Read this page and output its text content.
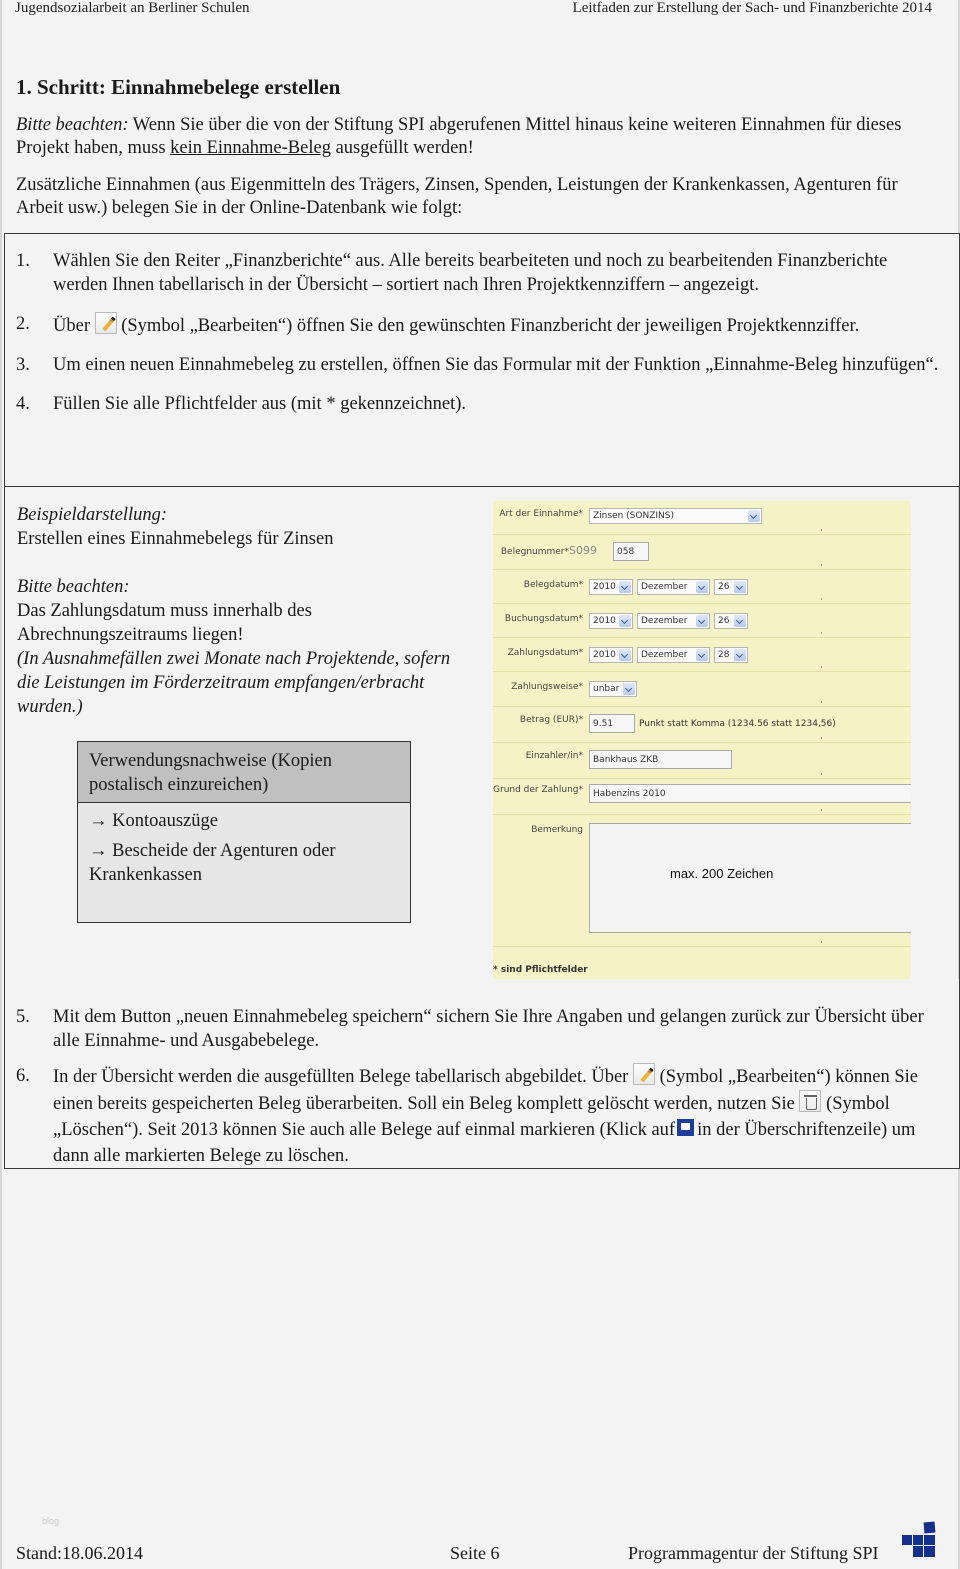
Jugendsozialarbeit an Berliner Schulen	Leitfaden zur Erstellung der Sach- und Finanzberichte 2014
1. Schritt: Einnahmebelege erstellen
Bitte beachten: Wenn Sie über die von der Stiftung SPI abgerufenen Mittel hinaus keine weiteren Einnahmen für dieses Projekt haben, muss kein Einnahme-Beleg ausgefüllt werden!
Zusätzliche Einnahmen (aus Eigenmitteln des Trägers, Zinsen, Spenden, Leistungen der Krankenkassen, Agenturen für Arbeit usw.) belegen Sie in der Online-Datenbank wie folgt:
1. Wählen Sie den Reiter „Finanzberichte“ aus. Alle bereits bearbeiteten und noch zu bearbeitenden Finanzberichte werden Ihnen tabellarisch in der Übersicht – sortiert nach Ihren Projektkennziffern – angezeigt.
2. Über  (Symbol „Bearbeiten“) öffnen Sie den gewünschten Finanzbericht der jeweiligen Projektkennziffer.
3. Um einen neuen Einnahmebeleg zu erstellen, öffnen Sie das Formular mit der Funktion „Einnahme-Beleg hinzufügen“.
4. Füllen Sie alle Pflichtfelder aus (mit * gekennzeichnet).
Beispieldarstellung:
Erstellen eines Einnahmebelegs für Zinsen
Bitte beachten:
Das Zahlungsdatum muss innerhalb des Abrechnungszeitraums liegen!
(In Ausnahmefällen zwei Monate nach Projektende, sofern die Leistungen im Förderzeitraum empfangen/erbracht wurden.)
Verwendungsnachweise (Kopien postalisch einzureichen)
→ Kontoauszüge
→ Bescheide der Agenturen oder Krankenkassen
Art der Einnahme* Zinsen (SONZINS)
Belegnummer*S099	058
Belegdatum* 2010	Dezember	26
Buchungsdatum* 2010	Dezember	26
Zahlungsdatum* 2010	Dezember	28
Zahlungsweise* unbar
Betrag (EUR)*	9.51	Punkt statt Komma (1234.56 statt 1234,56)
Einzahler/in*	Bankhaus ZKB
Grund der Zahlung*	Habenzins 2010
Bemerkung
max. 200 Zeichen
* sind Pflichtfelder
5. Mit dem Button „neuen Einnahmebeleg speichern“ sichern Sie Ihre Angaben und gelangen zurück zur Übersicht über alle Einnahme- und Ausgabebelege.
6. In der Übersicht werden die ausgefüllten Belege tabellarisch abgebildet. Über  (Symbol „Bearbeiten“) können Sie einen bereits gespeicherten Beleg überarbeiten. Soll ein Beleg komplett gelöscht werden, nutzen Sie  (Symbol „Löschen“). Seit 2013 können Sie auch alle Belege auf einmal markieren (Klick auf in der Überschriftenzeile) um dann alle markierten Belege zu löschen.
blog
Stand:18.06.2014	Seite 6	Programmagentur der Stiftung SPI
